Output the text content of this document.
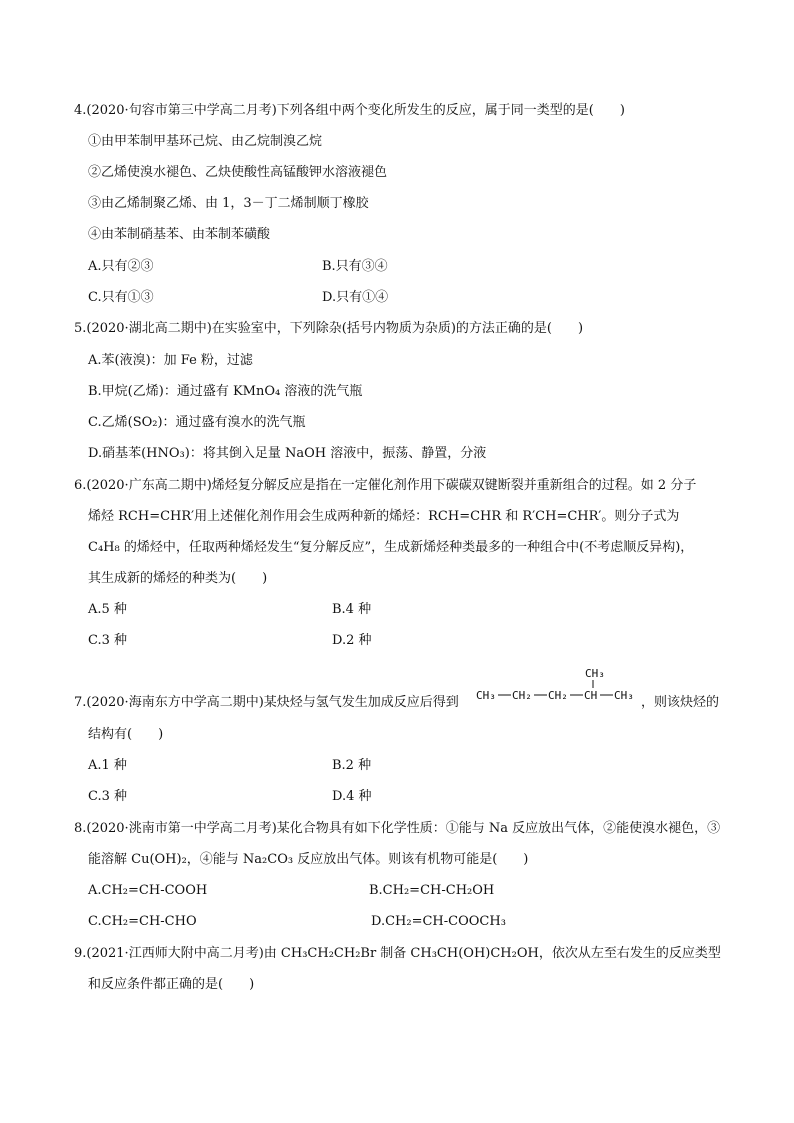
4.(2020·句容市第三中学高二月考)下列各组中两个变化所发生的反应，属于同一类型的是(　　)
①由甲苯制甲基环己烷、由乙烷制溴乙烷
②乙烯使溴水褪色、乙炔使酸性高锰酸钾水溶液褪色
③由乙烯制聚乙烯、由 1，3－丁二烯制顺丁橡胶
④由苯制硝基苯、由苯制苯磺酸
A.只有②③	B.只有③④
C.只有①③	D.只有①④
5.(2020·湖北高二期中)在实验室中，下列除杂(括号内物质为杂质)的方法正确的是(　　)
A.苯(液溴)：加 Fe 粉，过滤
B.甲烷(乙烯)：通过盛有 KMnO₄ 溶液的洗气瓶
C.乙烯(SO₂)：通过盛有溴水的洗气瓶
D.硝基苯(HNO₃)：将其倒入足量 NaOH 溶液中，振荡、静置，分液
6.(2020·广东高二期中)烯烃复分解反应是指在一定催化剂作用下碳碳双键断裂并重新组合的过程。如 2 分子
烯烃 RCH=CHR′用上述催化剂作用会生成两种新的烯烃：RCH=CHR 和 R′CH=CHR′。则分子式为
C₄H₈ 的烯烃中，任取两种烯烃发生“复分解反应”，生成新烯烃种类最多的一种组合中(不考虑顺反异构)，
其生成新的烯烃的种类为(　　)
A.5 种	B.4 种
C.3 种	D.2 种
7.(2020·海南东方中学高二期中)某炔烃与氢气发生加成反应后得到
CH₃
CH₃ CH₂ CH₂ CH CH₃ ，则该炔烃的
结构有(　　)
A.1 种	B.2 种
C.3 种	D.4 种
8.(2020·洮南市第一中学高二月考)某化合物具有如下化学性质：①能与 Na 反应放出气体，②能使溴水褪色，③
能溶解 Cu(OH)₂，④能与 Na₂CO₃ 反应放出气体。则该有机物可能是(　　)
A.CH₂=CH-COOH	B.CH₂=CH-CH₂OH
C.CH₂=CH-CHO	D.CH₂=CH-COOCH₃
9.(2021·江西师大附中高二月考)由 CH₃CH₂CH₂Br 制备 CH₃CH(OH)CH₂OH，依次从左至右发生的反应类型
和反应条件都正确的是(　　)
